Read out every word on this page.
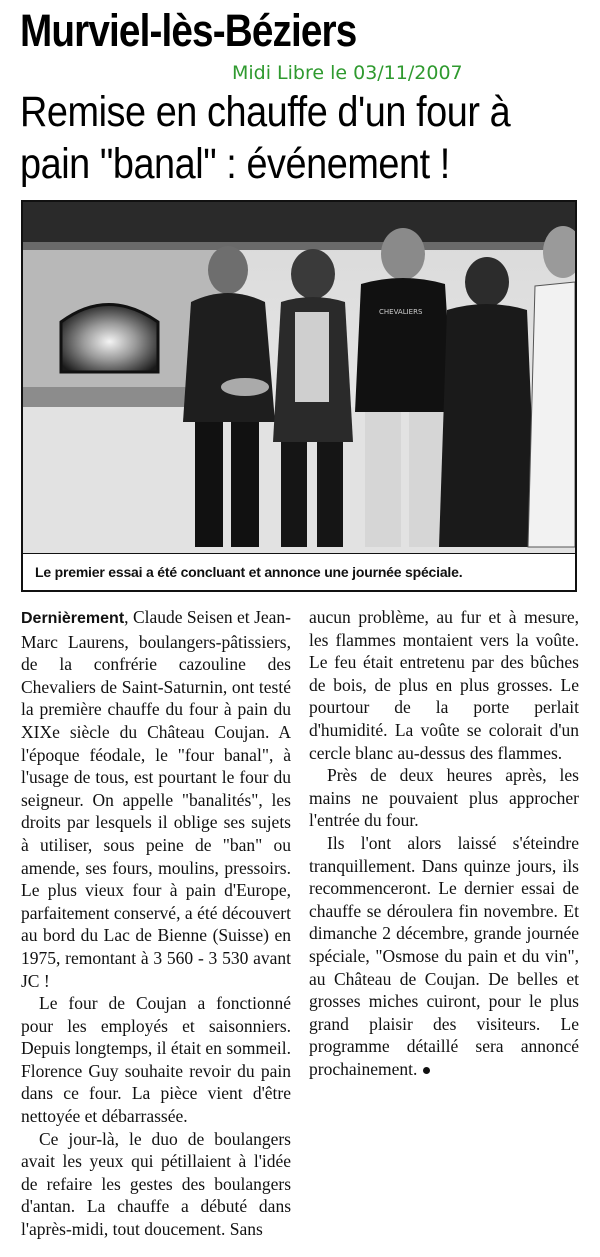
Murviel-lès-Béziers
Midi Libre le 03/11/2007
Remise en chauffe d'un four à pain "banal" : événement !
CHEVALIERS
Le premier essai a été concluant et annonce une journée spéciale.

Dernièrement, Claude Seisen et Jean-Marc Laurens, boulangers-pâtissiers, de la confrérie cazouline des Chevaliers de Saint-Saturnin, ont testé la première chauffe du four à pain du XIXe siècle du Château Coujan. A l'époque féodale, le "four banal", à l'usage de tous, est pourtant le four du seigneur. On appelle "banalités", les droits par lesquels il oblige ses sujets à utiliser, sous peine de "ban" ou amende, ses fours, moulins, pressoirs. Le plus vieux four à pain d'Europe, parfaitement conservé, a été découvert au bord du Lac de Bienne (Suisse) en 1975, remontant à 3 560 - 3 530 avant JC !

Le four de Coujan a fonctionné pour les employés et saisonniers. Depuis longtemps, il était en sommeil. Florence Guy souhaite revoir du pain dans ce four. La pièce vient d'être nettoyée et débarrassée.

Ce jour-là, le duo de boulangers avait les yeux qui pétillaient à l'idée de refaire les gestes des boulangers d'antan. La chauffe a débuté dans l'après-midi, tout doucement. Sans

aucun problème, au fur et à mesure, les flammes montaient vers la voûte. Le feu était entretenu par des bûches de bois, de plus en plus grosses. Le pourtour de la porte perlait d'humidité. La voûte se colorait d'un cercle blanc au-dessus des flammes.

Près de deux heures après, les mains ne pouvaient plus approcher l'entrée du four.

Ils l'ont alors laissé s'éteindre tranquillement. Dans quinze jours, ils recommenceront. Le dernier essai de chauffe se déroulera fin novembre. Et dimanche 2 décembre, grande journée spéciale, "Osmose du pain et du vin", au Château de Coujan. De belles et grosses miches cuiront, pour le plus grand plaisir des visiteurs. Le programme détaillé sera annoncé prochainement.
